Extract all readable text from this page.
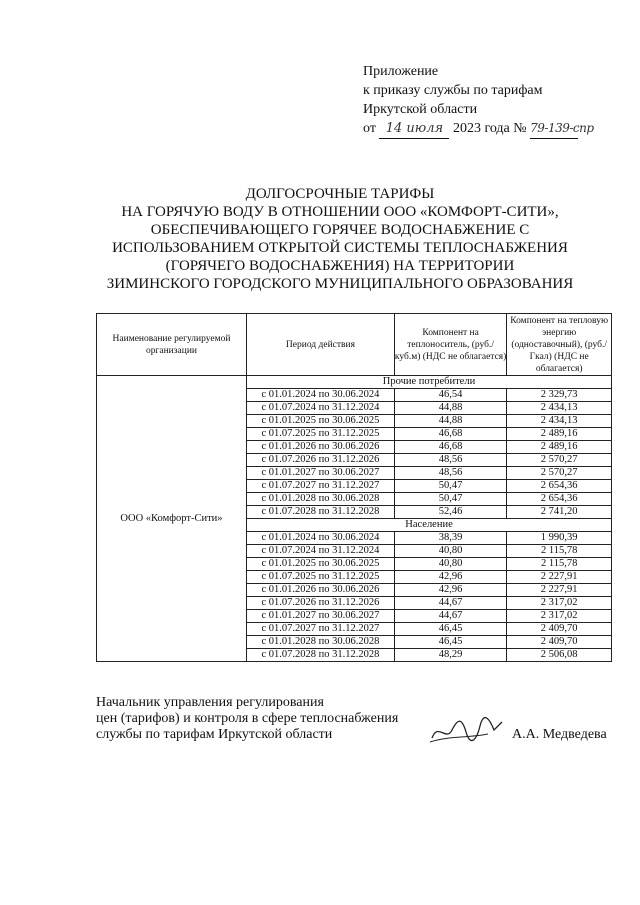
Приложение
к приказу службы по тарифам
Иркутской области
от 14 июля 2023 года № 79-139-спр
ДОЛГОСРОЧНЫЕ ТАРИФЫ
НА ГОРЯЧУЮ ВОДУ В ОТНОШЕНИИ ООО «КОМФОРТ-СИТИ»,
ОБЕСПЕЧИВАЮЩЕГО ГОРЯЧЕЕ ВОДОСНАБЖЕНИЕ С
ИСПОЛЬЗОВАНИЕМ ОТКРЫТОЙ СИСТЕМЫ ТЕПЛОСНАБЖЕНИЯ
(ГОРЯЧЕГО ВОДОСНАБЖЕНИЯ) НА ТЕРРИТОРИИ
ЗИМИНСКОГО ГОРОДСКОГО МУНИЦИПАЛЬНОГО ОБРАЗОВАНИЯ
Наименование регулируемой организации	Период действия	Компонент на теплоноситель, (руб./куб.м) (НДС не облагается)	Компонент на тепловую энергию (одноставочный), (руб./Гкал) (НДС не облагается)
ООО «Комфорт-Сити»	Прочие потребители		
	с 01.01.2024 по 30.06.2024	46,54	2 329,73
	с 01.07.2024 по 31.12.2024	44,88	2 434,13
	с 01.01.2025 по 30.06.2025	44,88	2 434,13
	с 01.07.2025 по 31.12.2025	46,68	2 489,16
	с 01.01.2026 по 30.06.2026	46,68	2 489,16
	с 01.07.2026 по 31.12.2026	48,56	2 570,27
	с 01.01.2027 по 30.06.2027	48,56	2 570,27
	с 01.07.2027 по 31.12.2027	50,47	2 654,36
	с 01.01.2028 по 30.06.2028	50,47	2 654,36
	с 01.07.2028 по 31.12.2028	52,46	2 741,20
	Население		
	с 01.01.2024 по 30.06.2024	38,39	1 990,39
	с 01.07.2024 по 31.12.2024	40,80	2 115,78
	с 01.01.2025 по 30.06.2025	40,80	2 115,78
	с 01.07.2025 по 31.12.2025	42,96	2 227,91
	с 01.01.2026 по 30.06.2026	42,96	2 227,91
	с 01.07.2026 по 31.12.2026	44,67	2 317,02
	с 01.01.2027 по 30.06.2027	44,67	2 317,02
	с 01.07.2027 по 31.12.2027	46,45	2 409,70
	с 01.01.2028 по 30.06.2028	46,45	2 409,70
	с 01.07.2028 по 31.12.2028	48,29	2 506,08
Начальник управления регулирования
цен (тарифов) и контроля в сфере теплоснабжения
службы по тарифам Иркутской области	А.А. Медведева
